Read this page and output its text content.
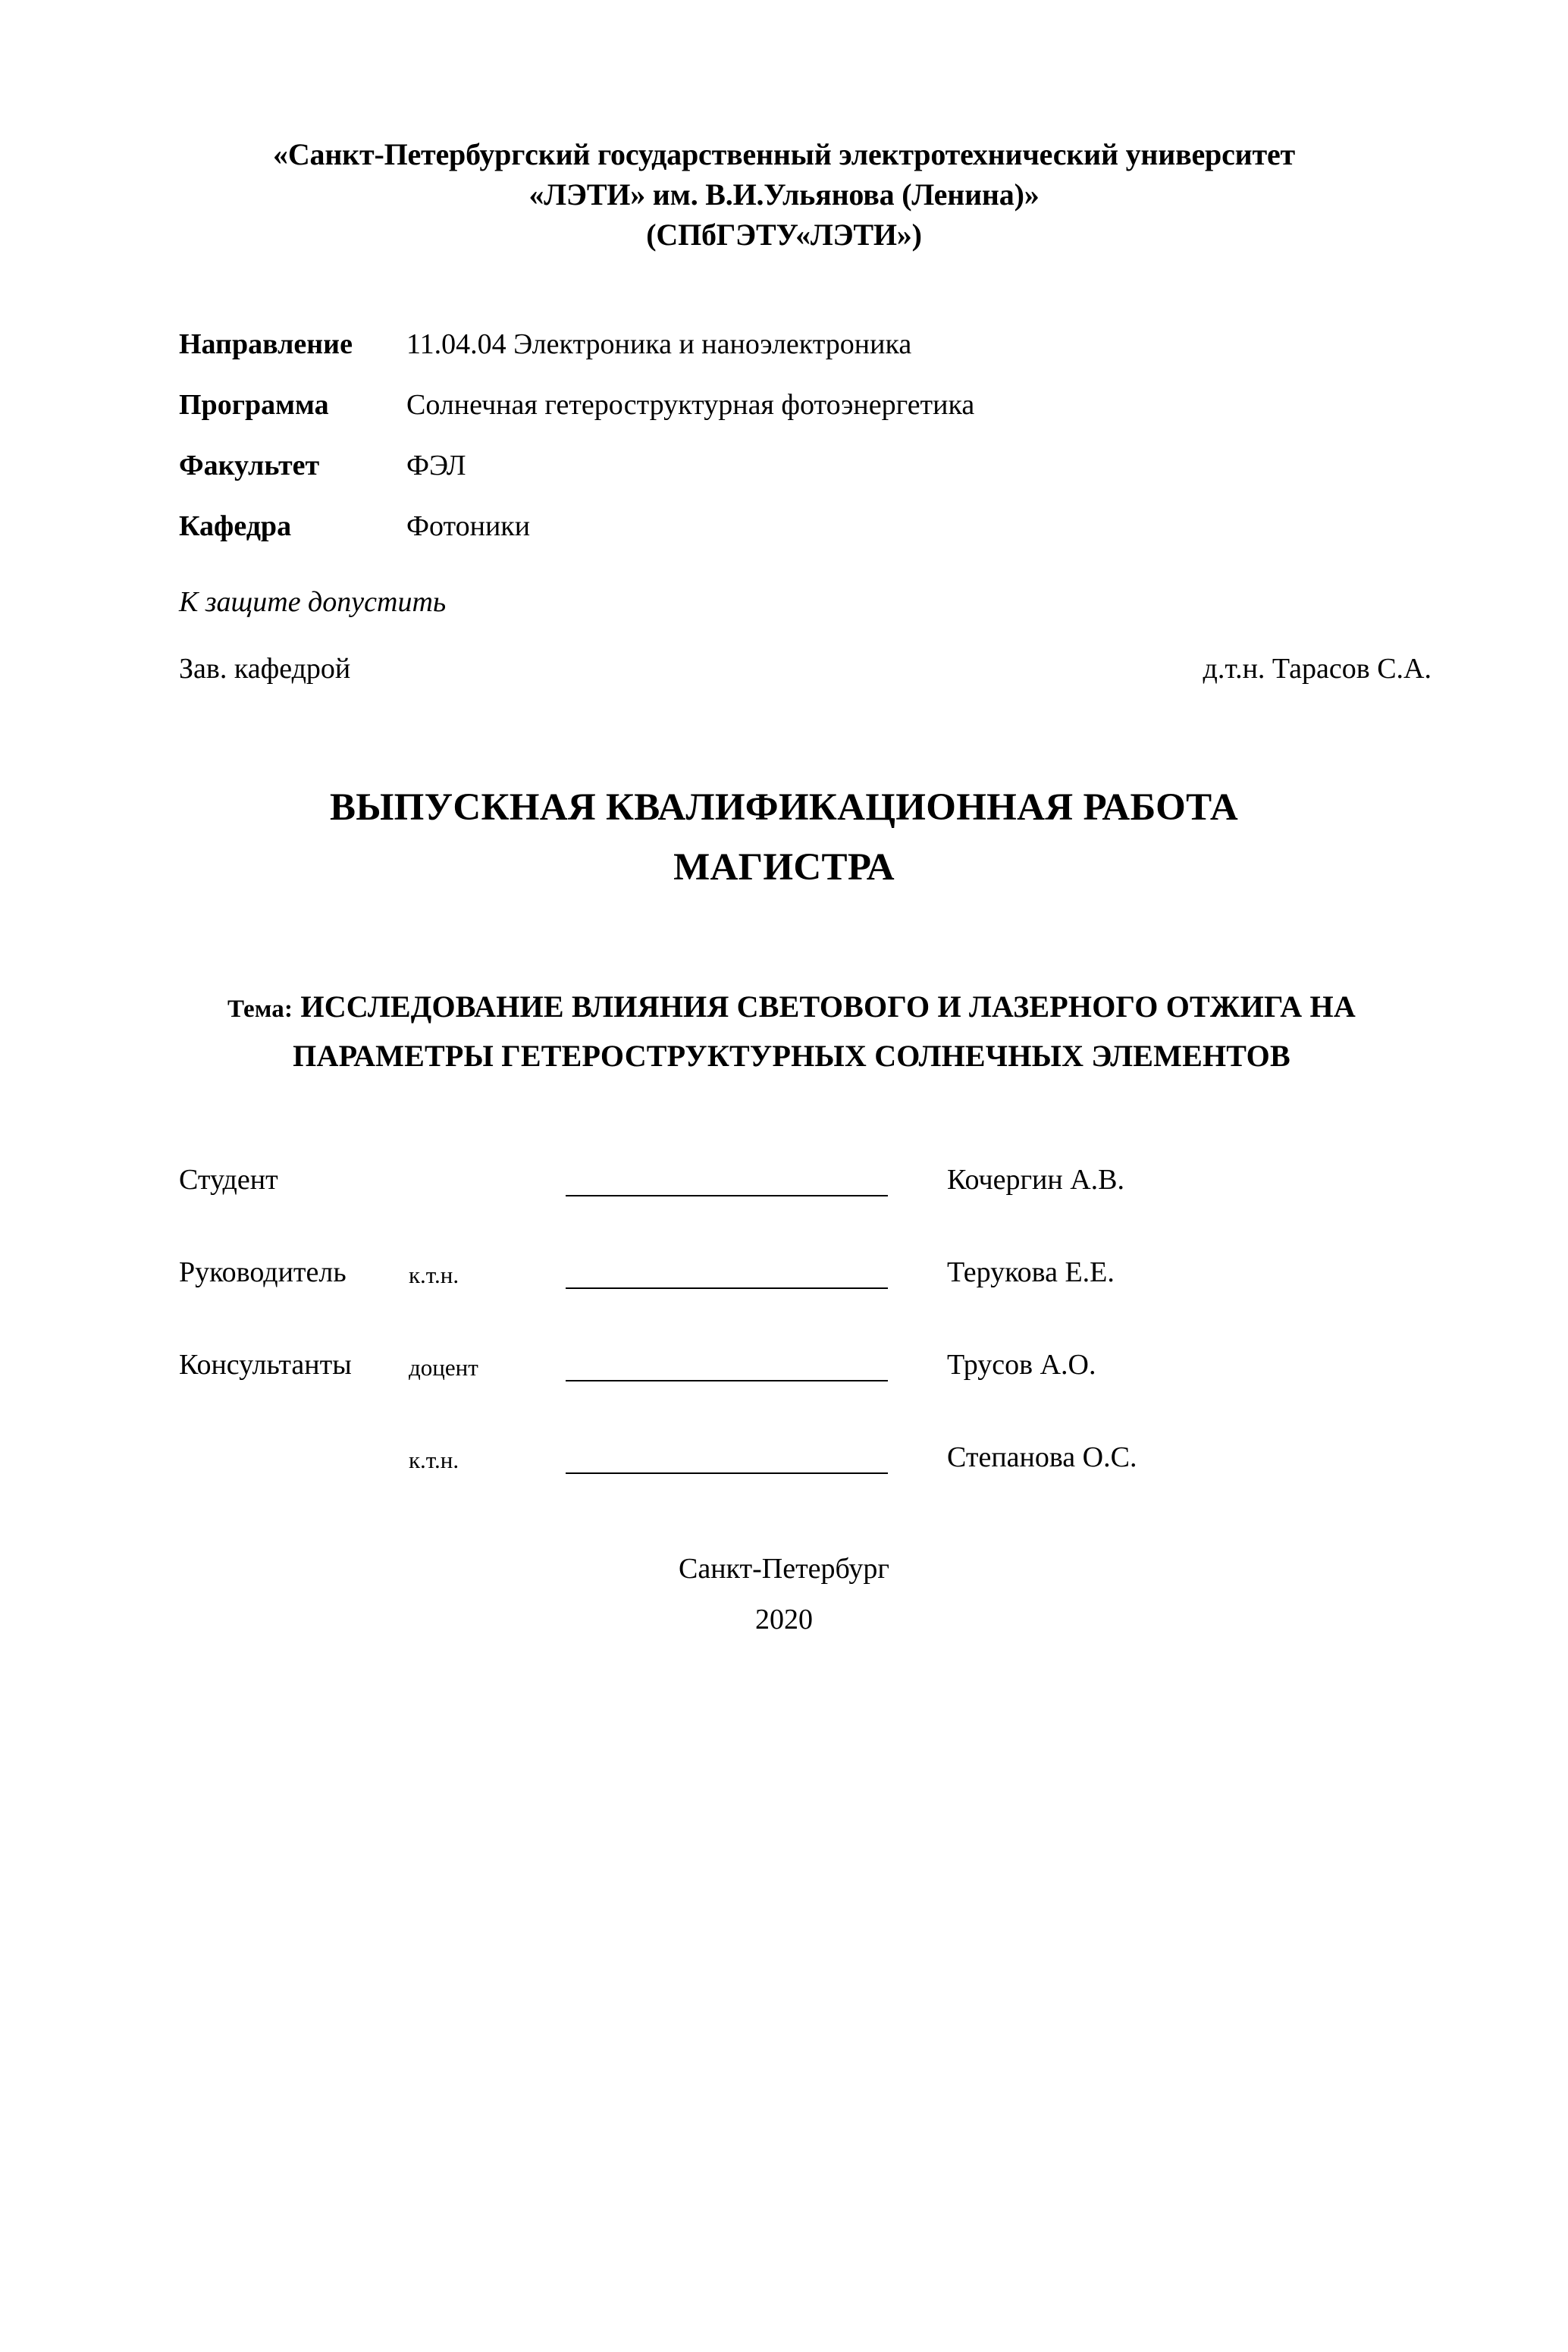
«Санкт-Петербургский государственный электротехнический университет
«ЛЭТИ» им. В.И.Ульянова (Ленина)»
(СПбГЭТУ«ЛЭТИ»)
Направление	11.04.04 Электроника и наноэлектроника
Программа	Солнечная гетероструктурная фотоэнергетика
Факультет	ФЭЛ
Кафедра	Фотоники
К защите допустить
Зав. кафедрой	д.т.н. Тарасов С.А.
ВЫПУСКНАЯ КВАЛИФИКАЦИОННАЯ РАБОТА
МАГИСТРА
Тема: ИССЛЕДОВАНИЕ ВЛИЯНИЯ СВЕТОВОГО И ЛАЗЕРНОГО ОТЖИГА НА ПАРАМЕТРЫ ГЕТЕРОСТРУКТУРНЫХ СОЛНЕЧНЫХ ЭЛЕМЕНТОВ
Студент	Кочергин А.В.
Руководитель	к.т.н.	Терукова Е.Е.
Консультанты	доцент	Трусов А.О.
к.т.н.	Степанова О.С.
Санкт-Петербург
2020
